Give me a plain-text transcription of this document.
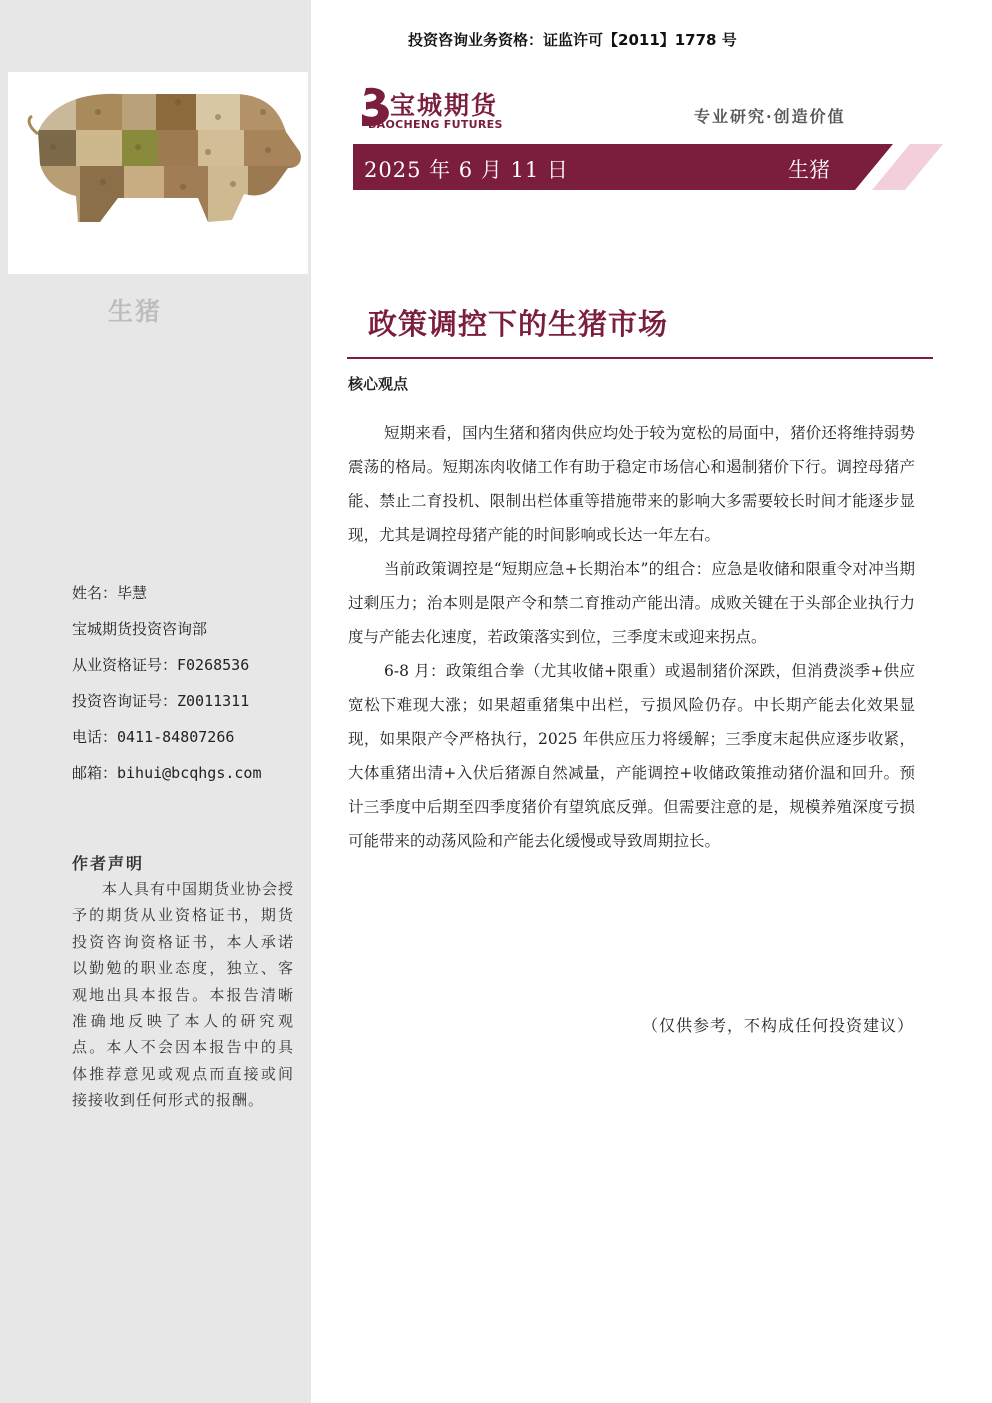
生猪
姓名：毕慧
宝城期货投资咨询部
从业资格证号：F0268536
投资咨询证号：Z0011311
电话：0411-84807266
邮箱：bihui@bcqhgs.com
作者声明
本人具有中国期货业协会授予的期货从业资格证书，期货投资咨询资格证书，本人承诺以勤勉的职业态度，独立、客观地出具本报告。本报告清晰准确地反映了本人的研究观点。本人不会因本报告中的具体推荐意见或观点而直接或间接接收到任何形式的报酬。
投资咨询业务资格：证监许可【2011】1778 号
宝城期货
BAOCHENG FUTURES	专业研究·创造价值
2025 年 6 月 11 日	生猪
政策调控下的生猪市场
核心观点

短期来看，国内生猪和猪肉供应均处于较为宽松的局面中，猪价还将维持弱势震荡的格局。短期冻肉收储工作有助于稳定市场信心和遏制猪价下行。调控母猪产能、禁止二育投机、限制出栏体重等措施带来的影响大多需要较长时间才能逐步显现，尤其是调控母猪产能的时间影响或长达一年左右。

当前政策调控是“短期应急+长期治本”的组合：应急是收储和限重令对冲当期过剩压力；治本则是限产令和禁二育推动产能出清。成败关键在于头部企业执行力度与产能去化速度，若政策落实到位，三季度末或迎来拐点。

6-8 月：政策组合拳（尤其收储+限重）或遏制猪价深跌，但消费淡季+供应宽松下难现大涨；如果超重猪集中出栏，亏损风险仍存。中长期产能去化效果显现，如果限产令严格执行，2025 年供应压力将缓解；三季度末起供应逐步收紧，大体重猪出清+入伏后猪源自然减量，产能调控+收储政策推动猪价温和回升。预计三季度中后期至四季度猪价有望筑底反弹。但需要注意的是，规模养殖深度亏损可能带来的动荡风险和产能去化缓慢或导致周期拉长。

（仅供参考，不构成任何投资建议）
